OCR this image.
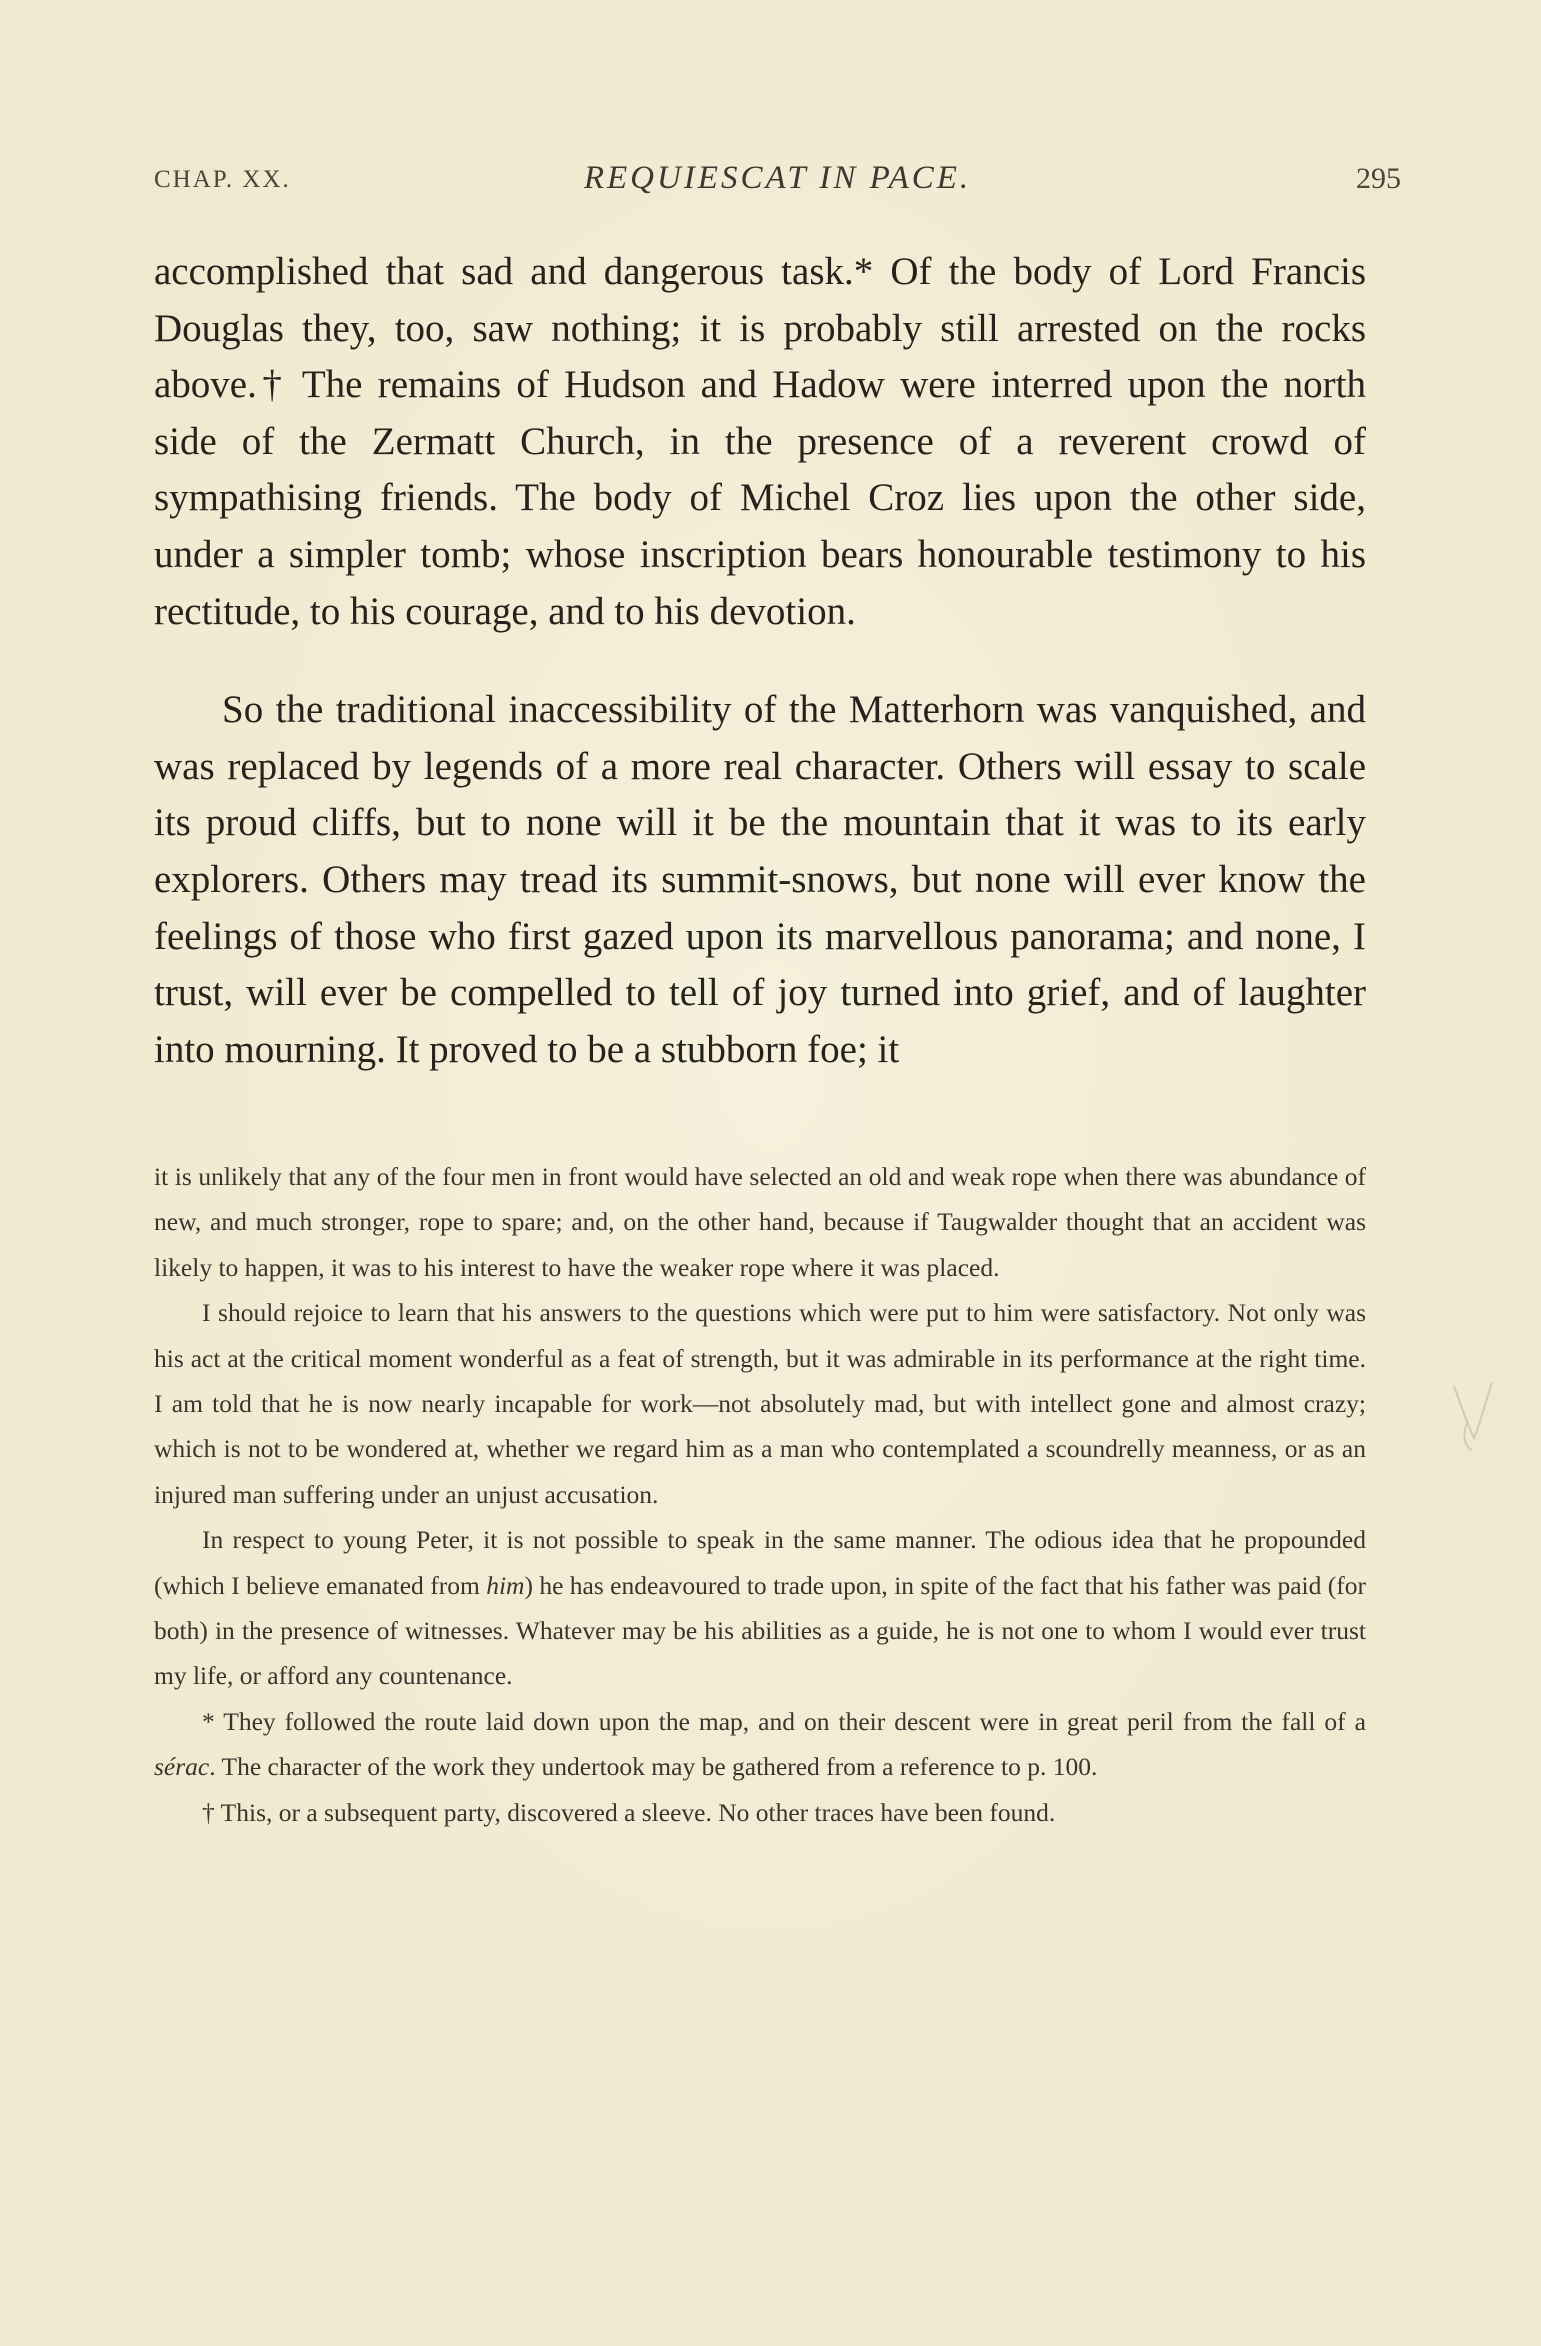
CHAP. XX.	REQUIESCAT IN PACE.	295

accomplished that sad and dangerous task.* Of the body of Lord Francis Douglas they, too, saw nothing; it is probably still arrested on the rocks above.† The remains of Hudson and Hadow were interred upon the north side of the Zermatt Church, in the presence of a reverent crowd of sympathising friends. The body of Michel Croz lies upon the other side, under a simpler tomb; whose inscription bears honourable testimony to his rectitude, to his courage, and to his devotion.

So the traditional inaccessibility of the Matterhorn was vanquished, and was replaced by legends of a more real character. Others will essay to scale its proud cliffs, but to none will it be the mountain that it was to its early explorers. Others may tread its summit-snows, but none will ever know the feelings of those who first gazed upon its marvellous panorama; and none, I trust, will ever be compelled to tell of joy turned into grief, and of laughter into mourning. It proved to be a stubborn foe; it

it is unlikely that any of the four men in front would have selected an old and weak rope when there was abundance of new, and much stronger, rope to spare; and, on the other hand, because if Taugwalder thought that an accident was likely to happen, it was to his interest to have the weaker rope where it was placed.

I should rejoice to learn that his answers to the questions which were put to him were satisfactory. Not only was his act at the critical moment wonderful as a feat of strength, but it was admirable in its performance at the right time. I am told that he is now nearly incapable for work—not absolutely mad, but with intellect gone and almost crazy; which is not to be wondered at, whether we regard him as a man who contemplated a scoundrelly meanness, or as an injured man suffering under an unjust accusation.

In respect to young Peter, it is not possible to speak in the same manner. The odious idea that he propounded (which I believe emanated from him) he has endeavoured to trade upon, in spite of the fact that his father was paid (for both) in the presence of witnesses. Whatever may be his abilities as a guide, he is not one to whom I would ever trust my life, or afford any countenance.

* They followed the route laid down upon the map, and on their descent were in great peril from the fall of a sérac. The character of the work they undertook may be gathered from a reference to p. 100.

† This, or a subsequent party, discovered a sleeve. No other traces have been found.
